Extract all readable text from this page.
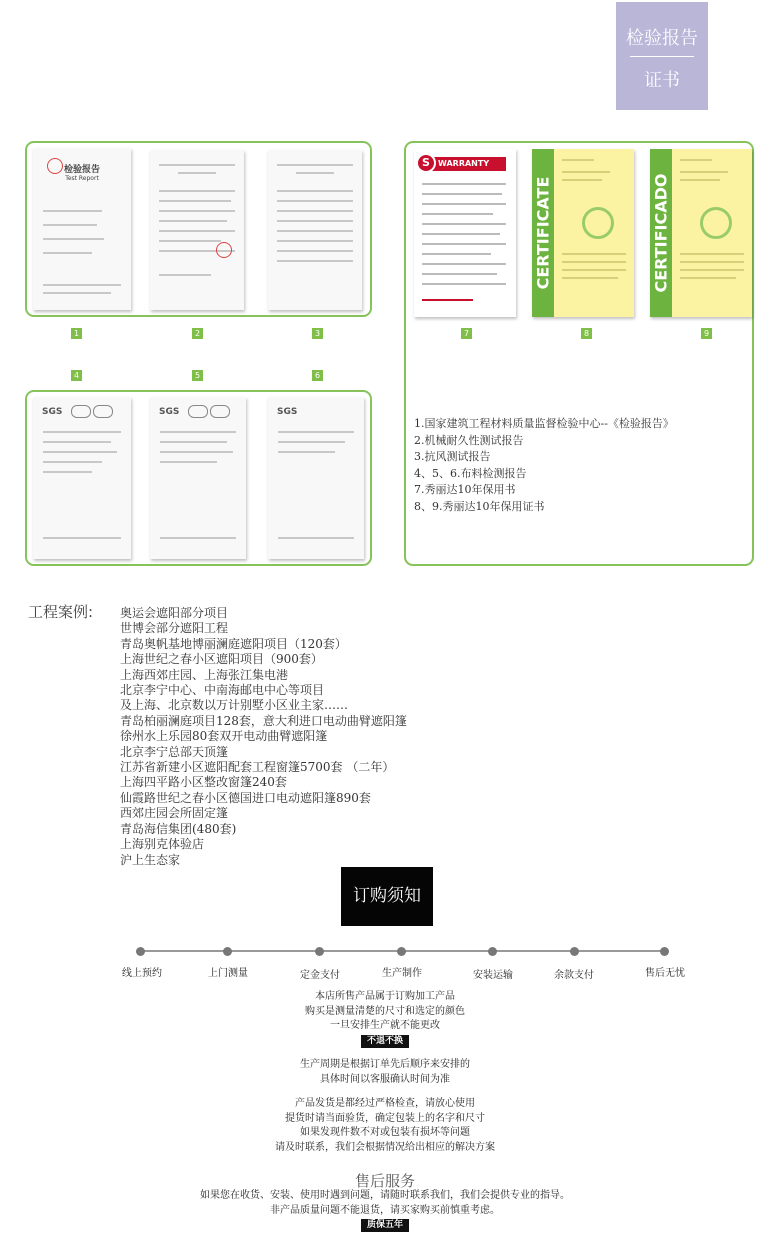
检验报告
证书
检验报告
Test Report
1	2	3
4	5	6
SGS	SGS	SGS
WARRANTY
S
CERTIFICATE	CERTIFICADO
7	8	9
1.国家建筑工程材料质量监督检验中心--《检验报告》
2.机械耐久性测试报告
3.抗风测试报告
4、5、6.布料检测报告
7.秀丽达10年保用书
8、9.秀丽达10年保用证书
工程案例: 奥运会遮阳部分项目
世博会部分遮阳工程
青岛奥帆基地博丽澜庭遮阳项目（120套）
上海世纪之春小区遮阳项目（900套）
上海西郊庄园、上海张江集电港
北京李宁中心、中南海邮电中心等项目
及上海、北京数以万计别墅小区业主家……
青岛柏丽澜庭项目128套，意大利进口电动曲臂遮阳篷
徐州水上乐园80套双开电动曲臂遮阳篷
北京李宁总部天顶篷
江苏省新建小区遮阳配套工程窗篷5700套 （二年）
上海四平路小区整改窗篷240套
仙霞路世纪之春小区德国进口电动遮阳篷890套
西郊庄园会所固定篷
青岛海信集团(480套)
上海别克体验店
沪上生态家
订购须知
线上预约	上门测量	定金支付	生产制作	安装运输	余款支付	售后无忧
本店所售产品属于订购加工产品
购买是测量清楚的尺寸和选定的颜色
一旦安排生产就不能更改
不退不换
生产周期是根据订单先后顺序来安排的
具体时间以客服确认时间为准
产品发货是都经过严格检查，请放心使用
提货时请当面验货，确定包装上的名字和尺寸
如果发现件数不对或包装有损坏等问题
请及时联系，我们会根据情况给出相应的解决方案
售后服务
如果您在收货、安装、使用时遇到问题，请随时联系我们，我们会提供专业的指导。
非产品质量问题不能退货，请买家购买前慎重考虑。
质保五年
